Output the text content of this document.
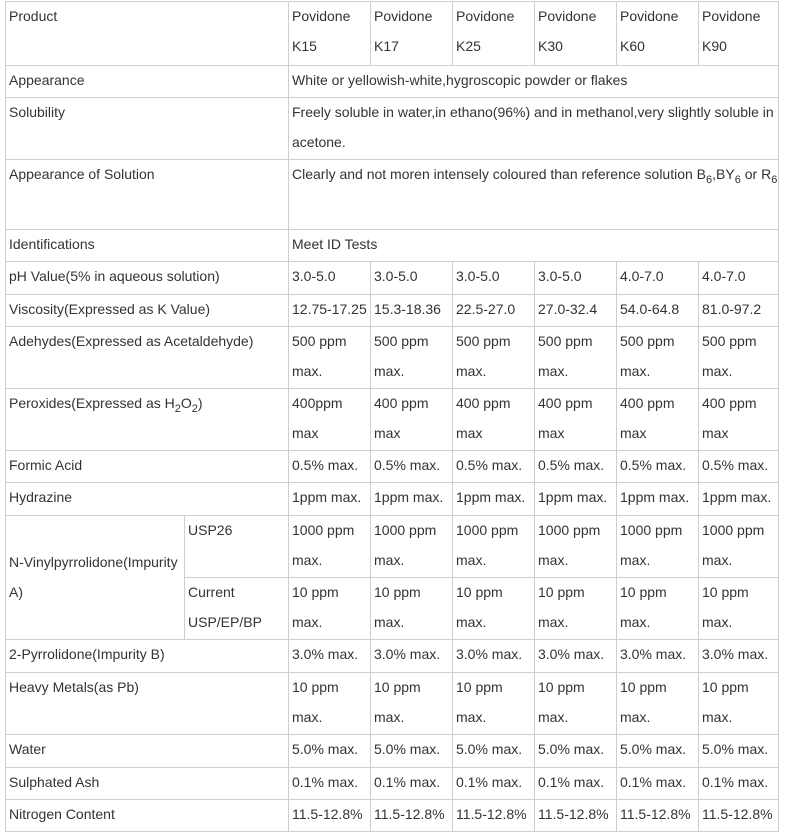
Product		Povidone K15	Povidone K17	Povidone K25	Povidone K30	Povidone K60	Povidone K90
Appearance		White or yellowish-white,hygroscopic powder or flakes					
Solubility		Freely soluble in water,in ethano(96%) and in methanol,very slightly soluble in acetone.					
Appearance of Solution		Clearly and not moren intensely coloured than reference solution $B_6,BY_6$ or $R_6$
Identifications		Meet ID Tests					
pH Value(5% in aqueous solution)		3.0-5.0	3.0-5.0	3.0-5.0	3.0-5.0	4.0-7.0	4.0-7.0
Viscosity(Expressed as K Value)		12.75-17.25	15.3-18.36	22.5-27.0	27.0-32.4	54.0-64.8	81.0-97.2
Adehydes(Expressed as Acetaldehyde)		500 ppm max.	500 ppm max.	500 ppm max.	500 ppm max.	500 ppm max.	500 ppm max.
Peroxides(Expressed as $H_2O_2$)		400ppm max	400 ppm max	400 ppm max	400 ppm max	400 ppm max	400 ppm max
Formic Acid		0.5% max.	0.5% max.	0.5% max.	0.5% max.	0.5% max.	0.5% max.
Hydrazine		1ppm max.	1ppm max.	1ppm max.	1ppm max.	1ppm max.	1ppm max.
N-Vinylpyrrolidone(Impurity A)	USP26	1000 ppm max.	1000 ppm max.	1000 ppm max.	1000 ppm max.	1000 ppm max.	1000 ppm max.
	Current USP/EP/BP	10 ppm max.	10 ppm max.	10 ppm max.	10 ppm max.	10 ppm max.	10 ppm max.
2-Pyrrolidone(Impurity B)		3.0% max.	3.0% max.	3.0% max.	3.0% max.	3.0% max.	3.0% max.
Heavy Metals(as Pb)		10 ppm max.	10 ppm max.	10 ppm max.	10 ppm max.	10 ppm max.	10 ppm max.
Water		5.0% max.	5.0% max.	5.0% max.	5.0% max.	5.0% max.	5.0% max.
Sulphated Ash		0.1% max.	0.1% max.	0.1% max.	0.1% max.	0.1% max.	0.1% max.
Nitrogen Content		11.5-12.8%	11.5-12.8%	11.5-12.8%	11.5-12.8%	11.5-12.8%	11.5-12.8%
